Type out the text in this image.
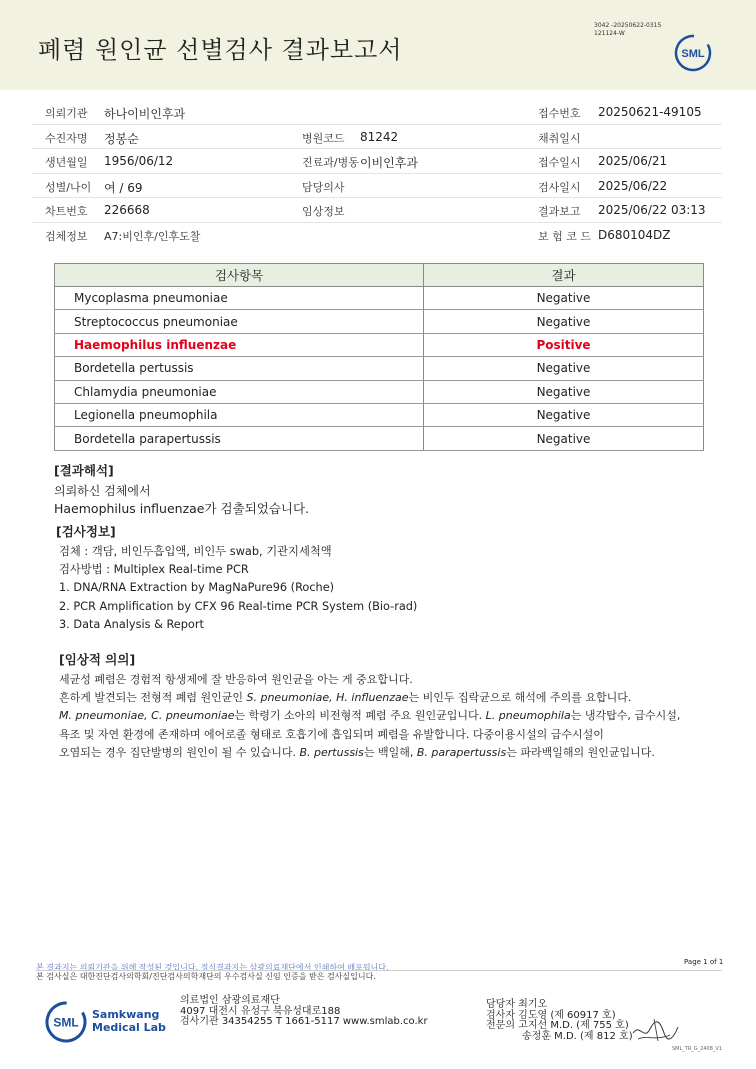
폐렴 원인균 선별검사 결과보고서
3042 -20250622-0315
121124-W
SML
의뢰기관 하나이비인후과	접수번호 20250621-49105
수진자명 정봉순	병원코드 81242	채취일시
생년월일 1956/06/12	진료과/병동 이비인후과	접수일시 2025/06/21
성별/나이 여 / 69	담당의사	검사일시 2025/06/22
차트번호 226668	임상정보	결과보고 2025/06/22 03:13
검체정보 A7:비인후/인후도찰	보 험 코 드 D680104DZ
검사항목	결과
Mycoplasma pneumoniae	Negative
Streptococcus pneumoniae	Negative
Haemophilus influenzae	Positive
Bordetella pertussis	Negative
Chlamydia pneumoniae	Negative
Legionella pneumophila	Negative
Bordetella parapertussis	Negative
[결과해석]
의뢰하신 검체에서
Haemophilus influenzae가 검출되었습니다.
[검사정보]
검체 : 객담, 비인두흡입액, 비인두 swab, 기관지세척액
검사방법 : Multiplex Real-time PCR
1. DNA/RNA Extraction by MagNaPure96 (Roche)
2. PCR Amplification by CFX 96 Real-time PCR System (Bio-rad)
3. Data Analysis & Report
[임상적 의의]
세균성 폐렴은 경험적 항생제에 잘 반응하여 원인균을 아는 게 중요합니다.
흔하게 발견되는 전형적 폐렴 원인균인 S. pneumoniae, H. influenzae는 비인두 집락균으로 해석에 주의를 요합니다.
M. pneumoniae, C. pneumoniae는 학령기 소아의 비전형적 폐렴 주요 원인균입니다. L. pneumophila는 냉각탑수, 급수시설,
욕조 및 자연 환경에 존재하며 에어로졸 형태로 호흡기에 흡입되며 폐렴을 유발합니다. 다중이용시설의 급수시설이
오염되는 경우 집단발병의 원인이 될 수 있습니다. B. pertussis는 백일해, B. parapertussis는 파라백일해의 원인균입니다.
본 결과지는 의뢰기관을 위해 작성된 것입니다. 정식결과지는 삼광의료재단에서 인쇄하여 배포됩니다.
본 검사실은 대한진단검사의학회/진단검사의학재단의 우수검사실 신임 인증을 받은 검사실입니다.
Page 1 of 1
SML
Samkwang
Medical Lab
의료법인 삼광의료재단
4097 대전시 유성구 북유성대로188
검사기관 34354255 T 1661-5117 www.smlab.co.kr
담당자 최기오
검사자 김도영 (제 60917 호)
전문의 고지선 M.D. (제 755 호)
송정훈 M.D. (제 812 호)
SML_TR_G_2408_V1
